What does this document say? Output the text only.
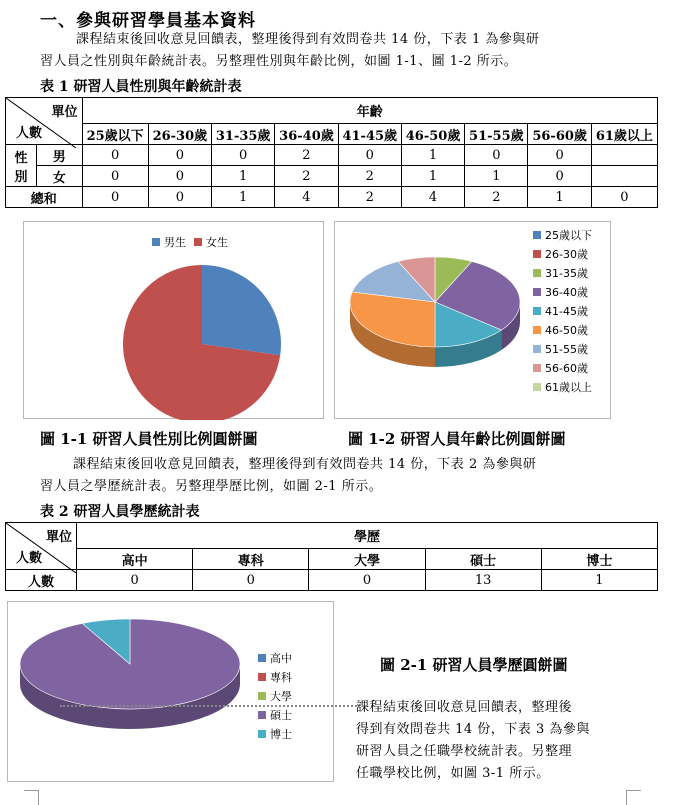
一、參與研習學員基本資料
課程結束後回收意見回饋表，整理後得到有效問卷共 14 份，下表 1 為參與研
習人員之性別與年齡統計表。另整理性別與年齡比例，如圖 1-1、圖 1-2 所示。
表 1 研習人員性別與年齡統計表
單位
人數		年齡								
		25歲以下	26-30歲	31-35歲	36-40歲	41-45歲	46-50歲	51-55歲	56-60歲	61歲以上

性
別	男	0	0	0	2	0	1	0	0	
	女	0	0	1	2	2	1	1	0	
總和		0	0	1	4	2	4	2	1	0
男生 女生
25歲以下
26-30歲
31-35歲
36-40歲
41-45歲
46-50歲
51-55歲
56-60歲
61歲以上
圖 1-1 研習人員性別比例圓餅圖	圖 1-2 研習人員年齡比例圓餅圖
課程結束後回收意見回饋表，整理後得到有效問卷共 14 份，下表 2 為參與研
習人員之學歷統計表。另整理學歷比例，如圖 2-1 所示。
表 2 研習人員學歷統計表
單位
人數	學歷				
	高中	專科	大學	碩士	博士
人數	0	0	0	13	1
高中
專科
大學
碩士
博士
圖 2-1 研習人員學歷圓餅圖
課程結束後回收意見回饋表，整理後
得到有效問卷共 14 份，下表 3 為參與
研習人員之任職學校統計表。另整理
任職學校比例，如圖 3-1 所示。
